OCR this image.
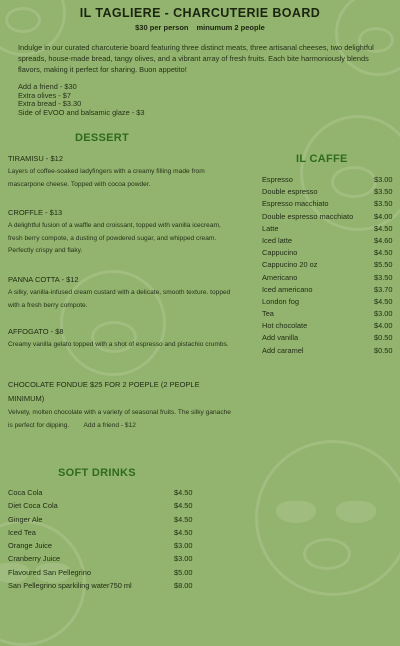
IL TAGLIERE - CHARCUTERIE BOARD
$30 per person minumum 2 people
Indulge in our curated charcuterie board featuring three distinct meats, three artisanal cheeses, two delightful spreads, house-made bread, tangy olives, and a vibrant array of fresh fruits. Each bite harmoniously blends flavors, making it perfect for sharing. Buon appetito!
Add a friend - $30
Extra olives - $7
Extra bread - $3.30
Side of EVOO and balsamic glaze - $3
DESSERT
TIRAMISU - $12
Layers of coffee-soaked ladyfingers with a creamy filling made from mascarpone cheese. Topped with cocoa powder.
CROFFLE - $13
A delightful fusion of a waffle and croissant, topped with vanilla icecream, fresh berry compote, a dusting of powdered sugar, and whipped cream. Perfectly crispy and flaky.
PANNA COTTA - $12
A silky, vanilla-infused cream custard with a delicate, smooth texture. topped with a fresh berry compote.
AFFOGATO - $8
Creamy vanilla gelato topped with a shot of espresso and pistachio crumbs.
CHOCOLATE FONDUE $25 FOR 2 POEPLE (2 PEOPLE MINIMUM)
Velvety, molten chocolate with a variety of seasonal fruits. The silky ganache is perfect for dipping.        Add a friend - $12
IL CAFFE
Espresso	$3.00
Double espresso	$3.50
Espresso macchiato	$3.50
Double espresso macchiato	$4.00
Latte	$4.50
Iced latte	$4.60
Cappucino	$4.50
Cappucino 20 oz	$5.50
Americano	$3.50
Iced americano	$3.70
London fog	$4.50
Tea	$3.00
Hot chocolate	$4.00
Add vanilla	$0.50
Add caramel	$0.50
SOFT DRINKS
Coca Cola	$4.50
Diet Coca Cola	$4.50
Ginger Ale	$4.50
Iced Tea	$4.50
Orange Juice	$3.00
Cranberry Juice	$3.00
Flavoured San Pellegrino	$5.00
San Pellegrino sparkiling water750 ml	$8.00
